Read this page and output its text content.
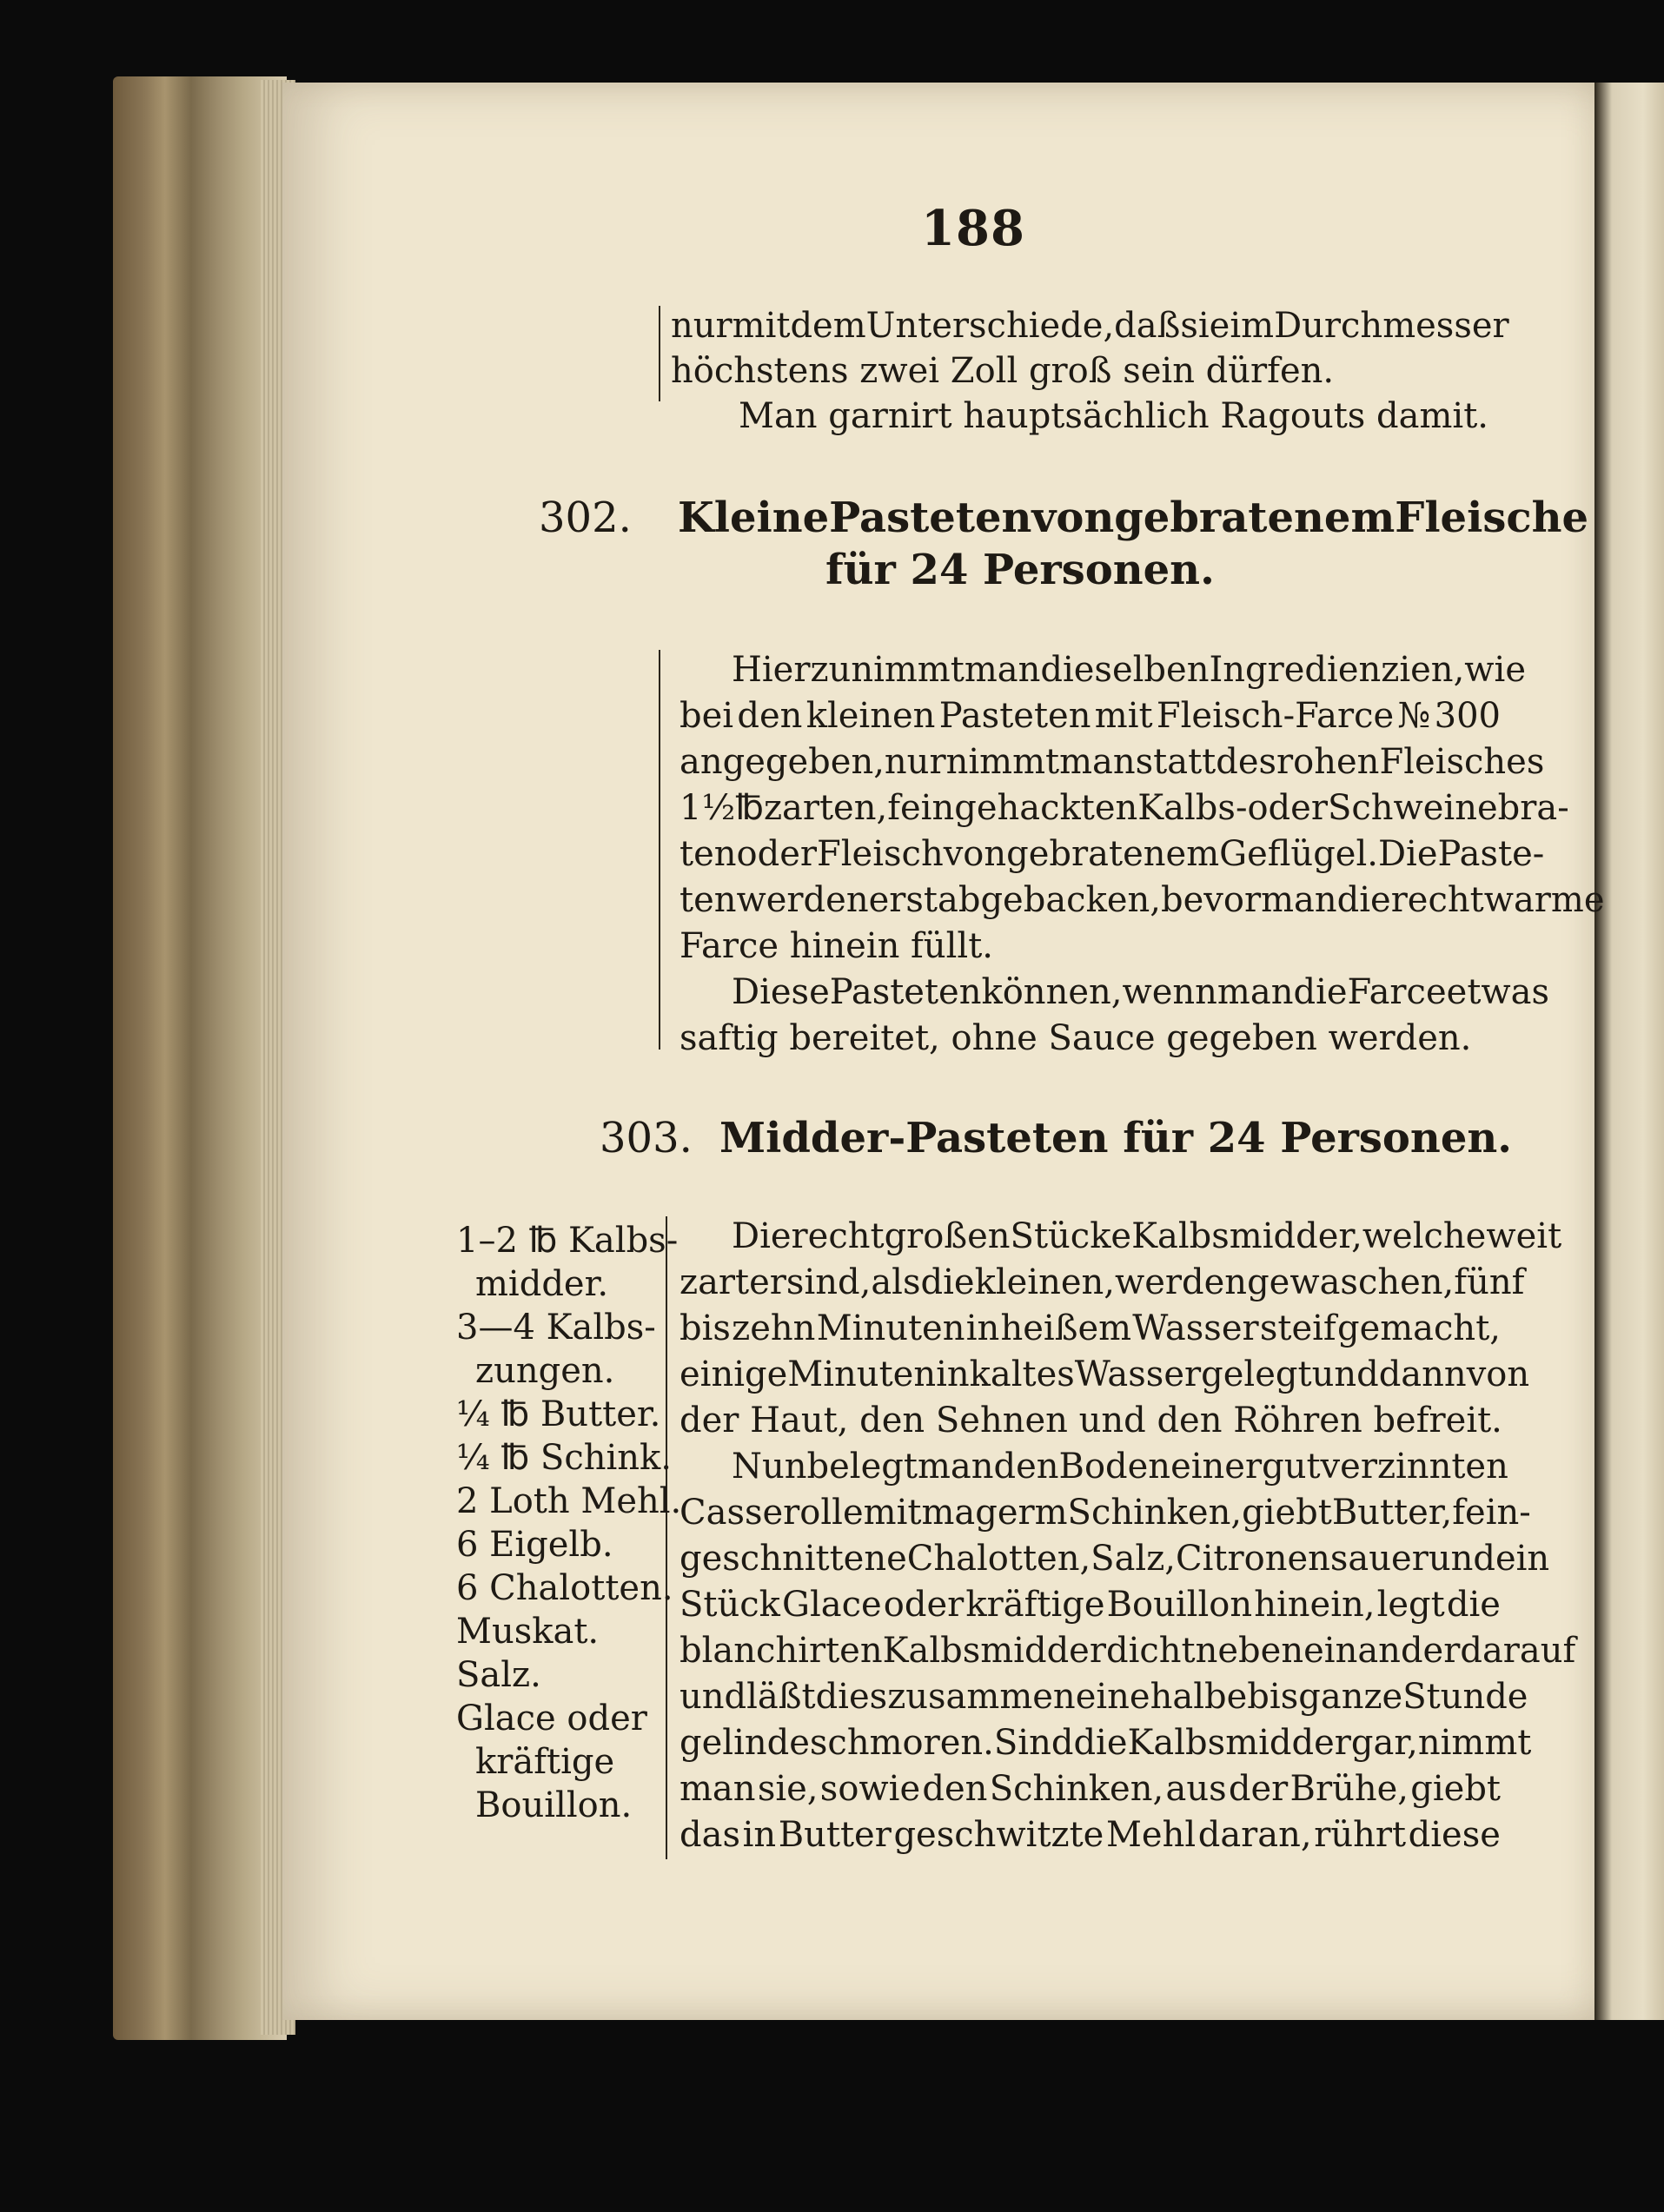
188
nur mit dem Unterschiede, daß sie im Durchmesser
höchstens zwei Zoll groß sein dürfen.
Man garnirt hauptsächlich Ragouts damit.
302. Kleine Pasteten von gebratenem Fleische
für 24 Personen.
Hierzu nimmt man dieselben Ingredienzien, wie
bei den kleinen Pasteten mit Fleisch-Farce № 300
angegeben, nur nimmt man statt des rohen Fleisches
1½ ℔ zarten, feingehackten Kalbs- oder Schweinebra-
ten oder Fleisch von gebratenem Geflügel. Die Paste-
ten werden erst abgebacken, bevor man die recht warme
Farce hinein füllt.
Diese Pasteten können, wenn man die Farce etwas
saftig bereitet, ohne Sauce gegeben werden.
303. Midder-Pasteten für 24 Personen.
1–2 ℔ Kalbs-
midder.
3—4 Kalbs-
zungen.
¼ ℔ Butter.
¼ ℔ Schink.
2 Loth Mehl.
6 Eigelb.
6 Chalotten.
Muskat.
Salz.
Glace oder
kräftige
Bouillon.
Die recht großen Stücke Kalbsmidder, welche weit
zarter sind, als die kleinen, werden gewaschen, fünf
bis zehn Minuten in heißem Wasser steif gemacht,
einige Minuten in kaltes Wasser gelegt und dann von
der Haut, den Sehnen und den Röhren befreit.
Nun belegt man den Boden einer gut verzinnten
Casserolle mit magerm Schinken, giebt Butter, fein-
geschnittene Chalotten, Salz, Citronensauer und ein
Stück Glace oder kräftige Bouillon hinein, legt die
blanchirten Kalbsmidder dicht neben einander darauf
und läßt dies zusammen eine halbe bis ganze Stunde
gelinde schmoren. Sind die Kalbsmidder gar, nimmt
man sie, sowie den Schinken, aus der Brühe, giebt
das in Butter geschwitzte Mehl daran, rührt diese
